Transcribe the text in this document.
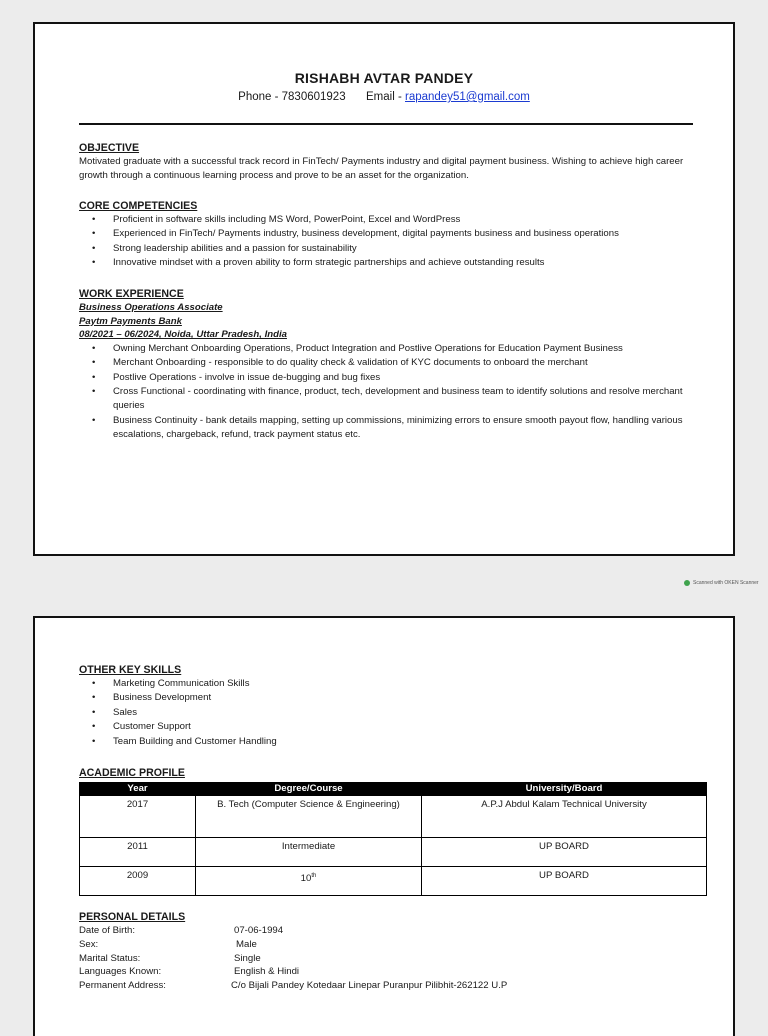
RISHABH AVTAR PANDEY
Phone - 7830601923 Email - rapandey51@gmail.com

OBJECTIVE

Motivated graduate with a successful track record in FinTech/ Payments industry and digital payment business. Wishing to achieve high career growth through a continuous learning process and prove to be an asset for the organization.

CORE COMPETENCIES

• Proficient in software skills including MS Word, PowerPoint, Excel and WordPress
• Experienced in FinTech/ Payments industry, business development, digital payments business and business operations
• Strong leadership abilities and a passion for sustainability
• Innovative mindset with a proven ability to form strategic partnerships and achieve outstanding results

WORK EXPERIENCE

Business Operations Associate

Paytm Payments Bank

08/2021 – 06/2024, Noida, Uttar Pradesh, India

• Owning Merchant Onboarding Operations, Product Integration and Postlive Operations for Education Payment Business
• Merchant Onboarding - responsible to do quality check & validation of KYC documents to onboard the merchant
• Postlive Operations - involve in issue de-bugging and bug fixes
• Cross Functional - coordinating with finance, product, tech, development and business team to identify solutions and resolve merchant queries
• Business Continuity - bank details mapping, setting up commissions, minimizing errors to ensure smooth payout flow, handling various escalations, chargeback, refund, track payment status etc.
Scanned with OKEN Scanner

OTHER KEY SKILLS

• Marketing Communication Skills
• Business Development
• Sales
• Customer Support
• Team Building and Customer Handling

ACADEMIC PROFILE

Year	Degree/Course	University/Board
2017	B. Tech (Computer Science & Engineering)	A.P.J Abdul Kalam Technical University
2011	Intermediate	UP BOARD
2009	10th	UP BOARD

PERSONAL DETAILS

Date of Birth:	07-06-1994
Sex:	Male
Marital Status:	Single
Languages Known:	English & Hindi
Permanent Address:	C/o Bijali Pandey Kotedaar Linepar Puranpur Pilibhit-262122 U.P
